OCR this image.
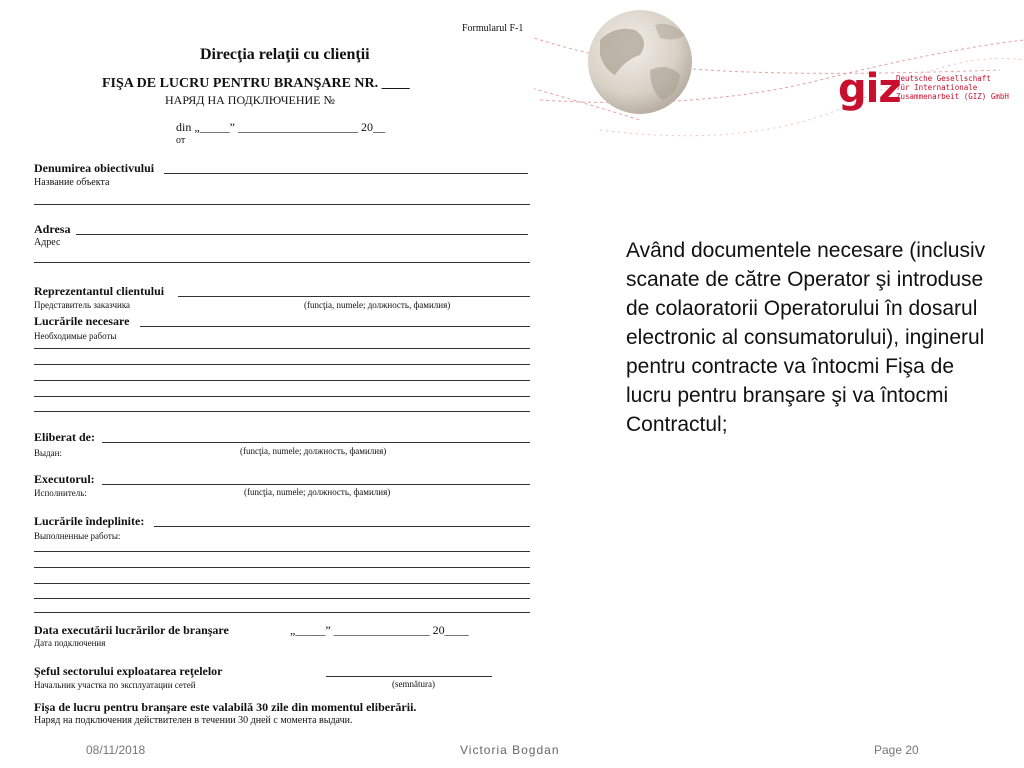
Formularul F-1
Direcţia relaţii cu clienţii
FIŞA DE LUCRU PENTRU BRANŞARE NR. ____
НАРЯД НА ПОДКЛЮЧЕНИЕ №
din „_____” ____________________ 20__
от
Denumirea obiectivului
Название объекта
Adresa
Адрес
Reprezentantul clientului
Представитель заказчика	(funcţia, numele; должность, фамилия)
Lucrările necesare
Необходимые работы
Eliberat de:
Выдан:	(funcţia, numele; должность, фамилия)
Executorul:
Исполнитель:	(funcţia, numele; должность, фамилия)
Lucrările îndeplinite:
Выполненные работы:
Data executării lucrărilor de branşare	„_____” ________________ 20____
Дата подключения
Şeful sectorului exploatarea reţelelor
Начальник участка по эксплуатации сетей	(semnătura)
Fişa de lucru pentru branşare este valabilă 30 zile din momentul eliberării.
Наряд на подключения действителен в течении 30 дней с момента выдачи.
giz
Deutsche Gesellschaft
für Internationale
Zusammenarbeit (GIZ) GmbH
Având documentele necesare (inclusiv scanate de către Operator şi introduse de colaoratorii Operatorului în dosarul electronic al consumatorului), inginerul pentru contracte va întocmi Fişa de lucru pentru branşare şi va întocmi Contractul;
08/11/2018	Victoria Bogdan	Page 20
